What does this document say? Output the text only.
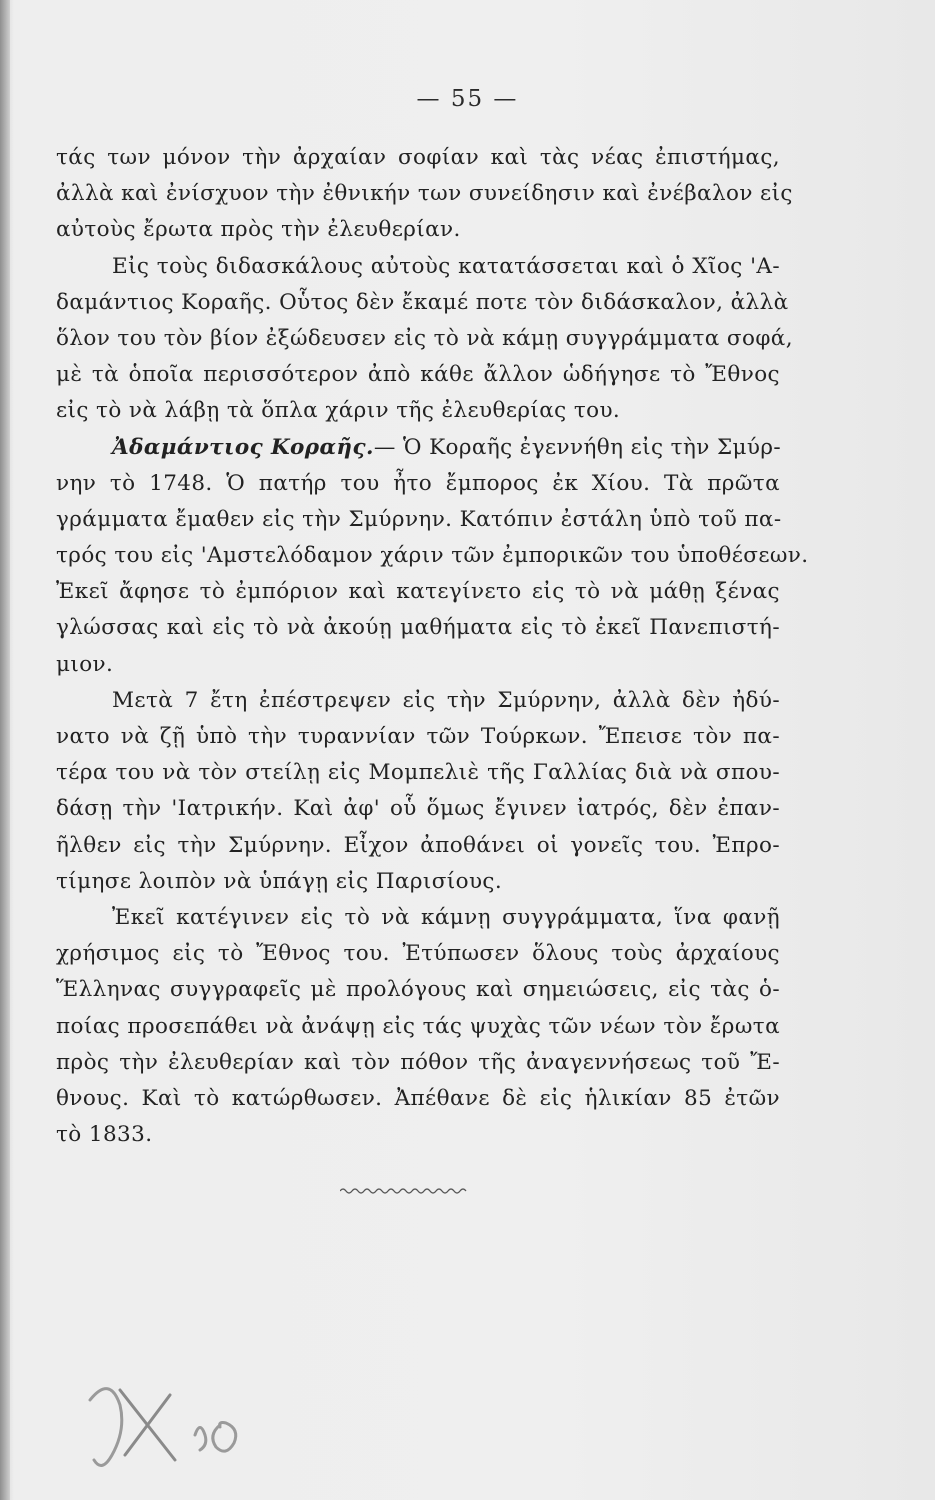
— 55 —
τάς των μόνον τὴν ἀρχαίαν σοφίαν καὶ τὰς νέας ἐπιστήμας,
ἀλλὰ καὶ ἐνίσχυον τὴν ἐθνικήν των συνείδησιν καὶ ἐνέβαλον εἰς
αὐτοὺς ἔρωτα πρὸς τὴν ἐλευθερίαν.
Εἰς τοὺς διδασκάλους αὐτοὺς κατατάσσεται καὶ ὁ Χῖος 'Α-
δαμάντιος Κοραῆς. Οὗτος δὲν ἔκαμέ ποτε τὸν διδάσκαλον, ἀλλὰ
ὅλον του τὸν βίον ἐξώδευσεν εἰς τὸ νὰ κάμῃ συγγράμματα σοφά,
μὲ τὰ ὁποῖα περισσότερον ἀπὸ κάθε ἄλλον ὡδήγησε τὸ Ἔθνος
εἰς τὸ νὰ λάβῃ τὰ ὅπλα χάριν τῆς ἐλευθερίας του.
Ἀδαμάντιος Κοραῆς.— Ὁ Κοραῆς ἐγεννήθη εἰς τὴν Σμύρ-
νην τὸ 1748. Ὁ πατήρ του ἦτο ἔμπορος ἐκ Χίου. Τὰ πρῶτα
γράμματα ἔμαθεν εἰς τὴν Σμύρνην. Κατόπιν ἐστάλη ὑπὸ τοῦ πα-
τρός του εἰς 'Αμστελόδαμον χάριν τῶν ἐμπορικῶν του ὑποθέσεων.
Ἐκεῖ ἄφησε τὸ ἐμπόριον καὶ κατεγίνετο εἰς τὸ νὰ μάθῃ ξένας
γλώσσας καὶ εἰς τὸ νὰ ἀκούῃ μαθήματα εἰς τὸ ἐκεῖ Πανεπιστή-
μιον.
Μετὰ 7 ἔτη ἐπέστρεψεν εἰς τὴν Σμύρνην, ἀλλὰ δὲν ἠδύ-
νατο νὰ ζῇ ὑπὸ τὴν τυραννίαν τῶν Τούρκων. Ἔπεισε τὸν πα-
τέρα του νὰ τὸν στείλῃ εἰς Μομπελιὲ τῆς Γαλλίας διὰ νὰ σπου-
δάσῃ τὴν 'Ιατρικήν. Καὶ ἀφ' οὗ ὅμως ἔγινεν ἰατρός, δὲν ἐπαν-
ῆλθεν εἰς τὴν Σμύρνην. Εἶχον ἀποθάνει οἱ γονεῖς του. Ἐπρο-
τίμησε λοιπὸν νὰ ὑπάγῃ εἰς Παρισίους.
Ἐκεῖ κατέγινεν εἰς τὸ νὰ κάμνῃ συγγράμματα, ἵνα φανῇ
χρήσιμος εἰς τὸ Ἔθνος του. Ἐτύπωσεν ὅλους τοὺς ἀρχαίους
Ἕλληνας συγγραφεῖς μὲ προλόγους καὶ σημειώσεις, εἰς τὰς ὁ-
ποίας προσεπάθει νὰ ἀνάψῃ εἰς τάς ψυχὰς τῶν νέων τὸν ἔρωτα
πρὸς τὴν ἐλευθερίαν καὶ τὸν πόθον τῆς ἀναγεννήσεως τοῦ Ἔ-
θνους. Καὶ τὸ κατώρθωσεν. Ἀπέθανε δὲ εἰς ἡλικίαν 85 ἐτῶν
τὸ 1833.
